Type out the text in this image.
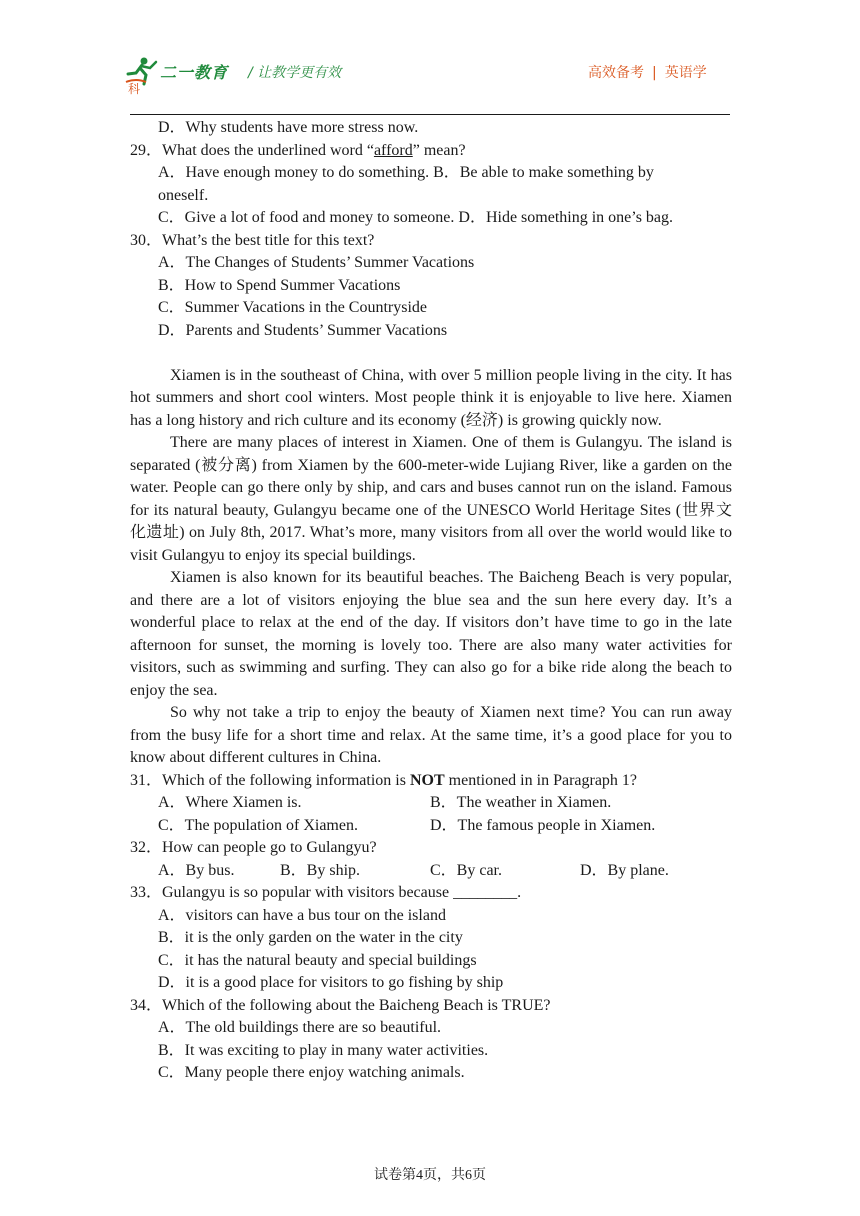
二一教育
科
/ 让教学更有效	高效备考 | 英语学
D．Why students have more stress now.
29．What does the underlined word “afford” mean?
A．Have enough money to do something. B．Be able to make something by
oneself.
C．Give a lot of food and money to someone. D．Hide something in one’s bag.
30．What’s the best title for this text?
A．The Changes of Students’ Summer Vacations
B．How to Spend Summer Vacations
C．Summer Vacations in the Countryside
D．Parents and Students’ Summer Vacations
Xiamen is in the southeast of China, with over 5 million people living in the city. It has hot summers and short cool winters. Most people think it is enjoyable to live here. Xiamen has a long history and rich culture and its economy (经济) is growing quickly now.
There are many places of interest in Xiamen. One of them is Gulangyu. The island is separated (被分离) from Xiamen by the 600-meter-wide Lujiang River, like a garden on the water. People can go there only by ship, and cars and buses cannot run on the island. Famous for its natural beauty, Gulangyu became one of the UNESCO World Heritage Sites (世界文化遗址) on July 8th, 2017. What’s more, many visitors from all over the world would like to visit Gulangyu to enjoy its special buildings.
Xiamen is also known for its beautiful beaches. The Baicheng Beach is very popular, and there are a lot of visitors enjoying the blue sea and the sun here every day. It’s a wonderful place to relax at the end of the day. If visitors don’t have time to go in the late afternoon for sunset, the morning is lovely too. There are also many water activities for visitors, such as swimming and surfing. They can also go for a bike ride along the beach to enjoy the sea.
So why not take a trip to enjoy the beauty of Xiamen next time? You can run away from the busy life for a short time and relax. At the same time, it’s a good place for you to know about different cultures in China.
31．Which of the following information is NOT mentioned in in Paragraph 1?
A．Where Xiamen is.	B．The weather in Xiamen.
C．The population of Xiamen.	D．The famous people in Xiamen.
32．How can people go to Gulangyu?
A．By bus.	B．By ship.	C．By car.	D．By plane.
33．Gulangyu is so popular with visitors because ________.
A．visitors can have a bus tour on the island
B．it is the only garden on the water in the city
C．it has the natural beauty and special buildings
D．it is a good place for visitors to go fishing by ship
34．Which of the following about the Baicheng Beach is TRUE?
A．The old buildings there are so beautiful.
B．It was exciting to play in many water activities.
C．Many people there enjoy watching animals.
试卷第4页，共6页
